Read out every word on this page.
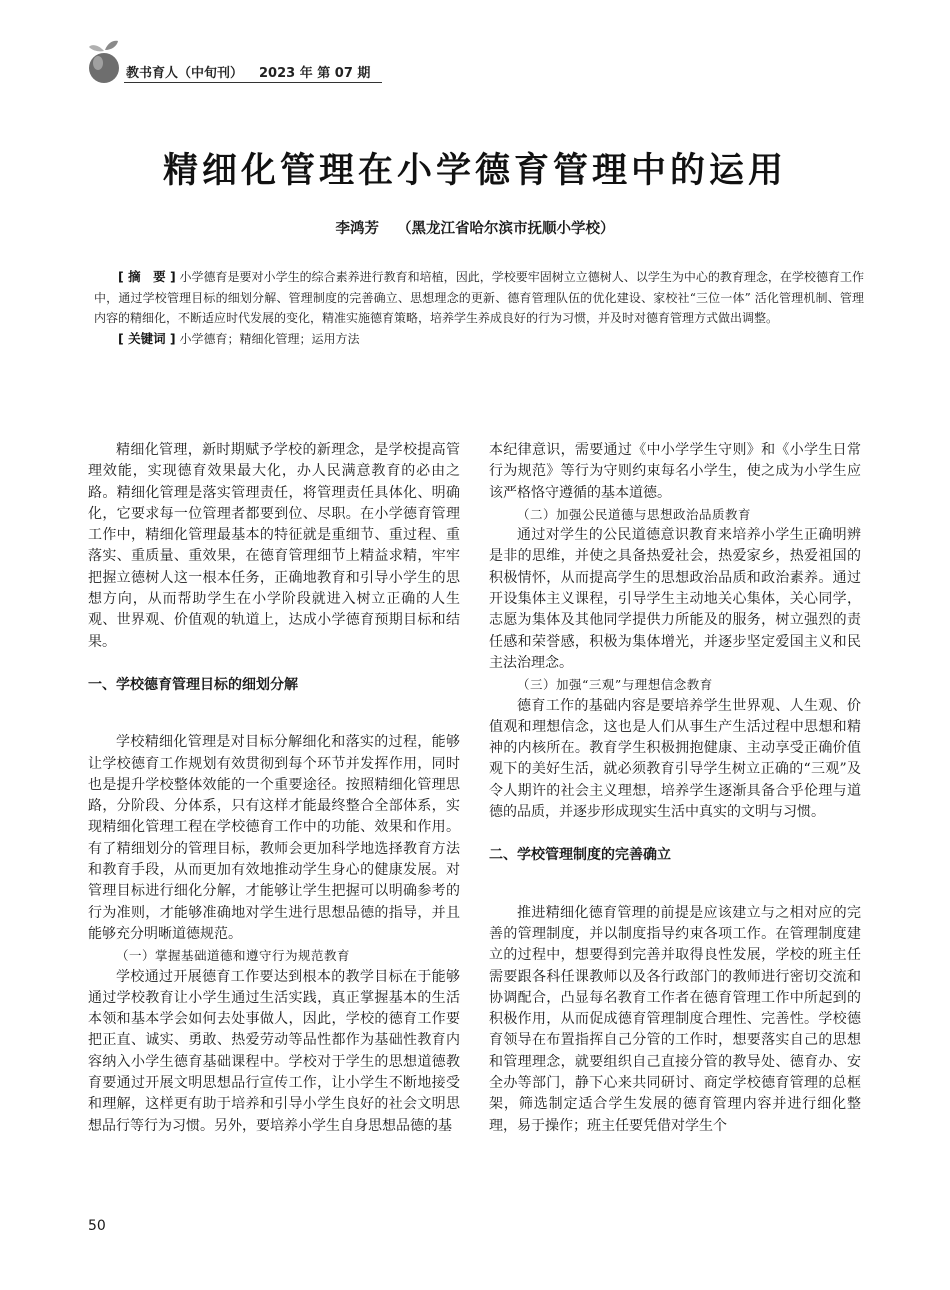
教书育人（中旬刊） 2023 年 第 07 期
精细化管理在小学德育管理中的运用
李鸿芳 （黑龙江省哈尔滨市抚顺小学校）

[ 摘　要 ] 小学德育是要对小学生的综合素养进行教育和培植，因此，学校要牢固树立立德树人、以学生为中心的教育理念，在学校德育工作中，通过学校管理目标的细划分解、管理制度的完善确立、思想理念的更新、德育管理队伍的优化建设、家校社“三位一体” 活化管理机制、管理内容的精细化，不断适应时代发展的变化，精准实施德育策略，培养学生养成良好的行为习惯，并及时对德育管理方式做出调整。

[ 关键词 ] 小学德育；精细化管理；运用方法

精细化管理，新时期赋予学校的新理念，是学校提高管理效能，实现德育效果最大化，办人民满意教育的必由之路。精细化管理是落实管理责任，将管理责任具体化、明确化，它要求每一位管理者都要到位、尽职。在小学德育管理工作中，精细化管理最基本的特征就是重细节、重过程、重落实、重质量、重效果，在德育管理细节上精益求精，牢牢把握立德树人这一根本任务，正确地教育和引导小学生的思想方向，从而帮助学生在小学阶段就进入树立正确的人生观、世界观、价值观的轨道上，达成小学德育预期目标和结果。

一、学校德育管理目标的细划分解

学校精细化管理是对目标分解细化和落实的过程，能够让学校德育工作规划有效贯彻到每个环节并发挥作用，同时也是提升学校整体效能的一个重要途径。按照精细化管理思路，分阶段、分体系，只有这样才能最终整合全部体系，实现精细化管理工程在学校德育工作中的功能、效果和作用。有了精细划分的管理目标，教师会更加科学地选择教育方法和教育手段，从而更加有效地推动学生身心的健康发展。对管理目标进行细化分解，才能够让学生把握可以明确参考的行为准则，才能够准确地对学生进行思想品德的指导，并且能够充分明晰道德规范。

（一）掌握基础道德和遵守行为规范教育

学校通过开展德育工作要达到根本的教学目标在于能够通过学校教育让小学生通过生活实践，真正掌握基本的生活本领和基本学会如何去处事做人，因此，学校的德育工作要把正直、诚实、勇敢、热爱劳动等品性都作为基础性教育内容纳入小学生德育基础课程中。学校对于学生的思想道德教育要通过开展文明思想品行宣传工作，让小学生不断地接受和理解，这样更有助于培养和引导小学生良好的社会文明思想品行等行为习惯。另外，要培养小学生自身思想品德的基

本纪律意识，需要通过《中小学学生守则》和《小学生日常行为规范》等行为守则约束每名小学生，使之成为小学生应该严格恪守遵循的基本道德。

（二）加强公民道德与思想政治品质教育

通过对学生的公民道德意识教育来培养小学生正确明辨是非的思维，并使之具备热爱社会，热爱家乡，热爱祖国的积极情怀，从而提高学生的思想政治品质和政治素养。通过开设集体主义课程，引导学生主动地关心集体，关心同学，志愿为集体及其他同学提供力所能及的服务，树立强烈的责任感和荣誉感，积极为集体增光，并逐步坚定爱国主义和民主法治理念。

（三）加强“三观”与理想信念教育

德育工作的基础内容是要培养学生世界观、人生观、价值观和理想信念，这也是人们从事生产生活过程中思想和精神的内核所在。教育学生积极拥抱健康、主动享受正确价值观下的美好生活，就必须教育引导学生树立正确的“三观”及令人期许的社会主义理想，培养学生逐渐具备合乎伦理与道德的品质，并逐步形成现实生活中真实的文明与习惯。

二、学校管理制度的完善确立

推进精细化德育管理的前提是应该建立与之相对应的完善的管理制度，并以制度指导约束各项工作。在管理制度建立的过程中，想要得到完善并取得良性发展，学校的班主任需要跟各科任课教师以及各行政部门的教师进行密切交流和协调配合，凸显每名教育工作者在德育管理工作中所起到的积极作用，从而促成德育管理制度合理性、完善性。学校德育领导在布置指挥自己分管的工作时，想要落实自己的思想和管理理念，就要组织自己直接分管的教导处、德育办、安全办等部门，静下心来共同研讨、商定学校德育管理的总框架，筛选制定适合学生发展的德育管理内容并进行细化整理，易于操作；班主任要凭借对学生个

50
